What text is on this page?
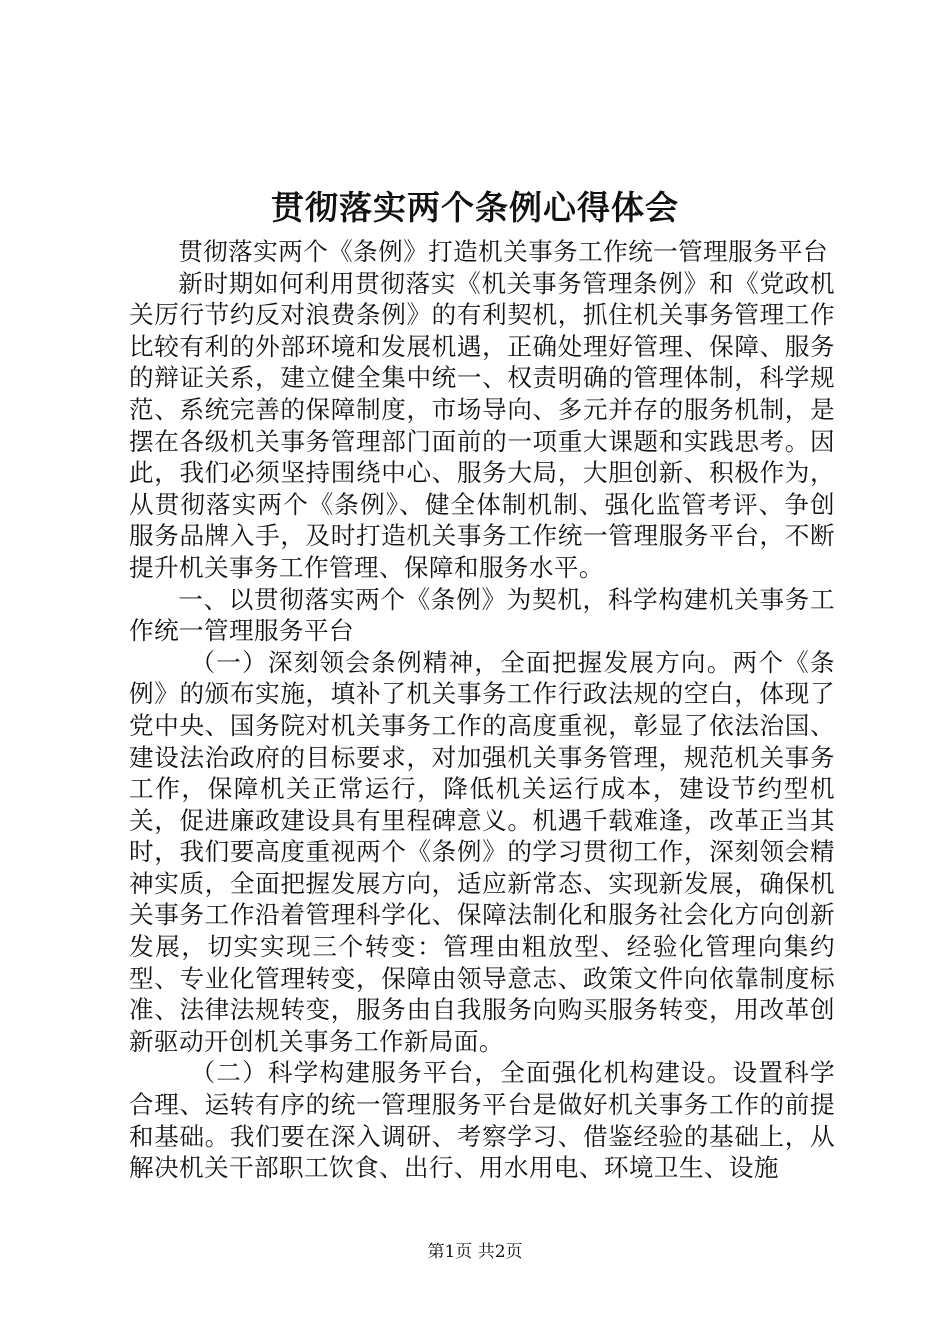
贯彻落实两个条例心得体会

贯彻落实两个《条例》打造机关事务工作统一管理服务平台

新时期如何利用贯彻落实《机关事务管理条例》和《党政机关厉行节约反对浪费条例》的有利契机，抓住机关事务管理工作比较有利的外部环境和发展机遇，正确处理好管理、保障、服务的辩证关系，建立健全集中统一、权责明确的管理体制，科学规范、系统完善的保障制度，市场导向、多元并存的服务机制，是摆在各级机关事务管理部门面前的一项重大课题和实践思考。因此，我们必须坚持围绕中心、服务大局，大胆创新、积极作为，从贯彻落实两个《条例》、健全体制机制、强化监管考评、争创服务品牌入手，及时打造机关事务工作统一管理服务平台，不断提升机关事务工作管理、保障和服务水平。

一、以贯彻落实两个《条例》为契机，科学构建机关事务工作统一管理服务平台

（一）深刻领会条例精神，全面把握发展方向。两个《条例》的颁布实施，填补了机关事务工作行政法规的空白，体现了党中央、国务院对机关事务工作的高度重视，彰显了依法治国、建设法治政府的目标要求，对加强机关事务管理，规范机关事务工作，保障机关正常运行，降低机关运行成本，建设节约型机关，促进廉政建设具有里程碑意义。机遇千载难逢，改革正当其时，我们要高度重视两个《条例》的学习贯彻工作，深刻领会精神实质，全面把握发展方向，适应新常态、实现新发展，确保机关事务工作沿着管理科学化、保障法制化和服务社会化方向创新发展，切实实现三个转变：管理由粗放型、经验化管理向集约型、专业化管理转变，保障由领导意志、政策文件向依靠制度标准、法律法规转变，服务由自我服务向购买服务转变，用改革创新驱动开创机关事务工作新局面。

（二）科学构建服务平台，全面强化机构建设。设置科学合理、运转有序的统一管理服务平台是做好机关事务工作的前提和基础。我们要在深入调研、考察学习、借鉴经验的基础上，从解决机关干部职工饮食、出行、用水用电、环境卫生、设施

第1页 共2页
